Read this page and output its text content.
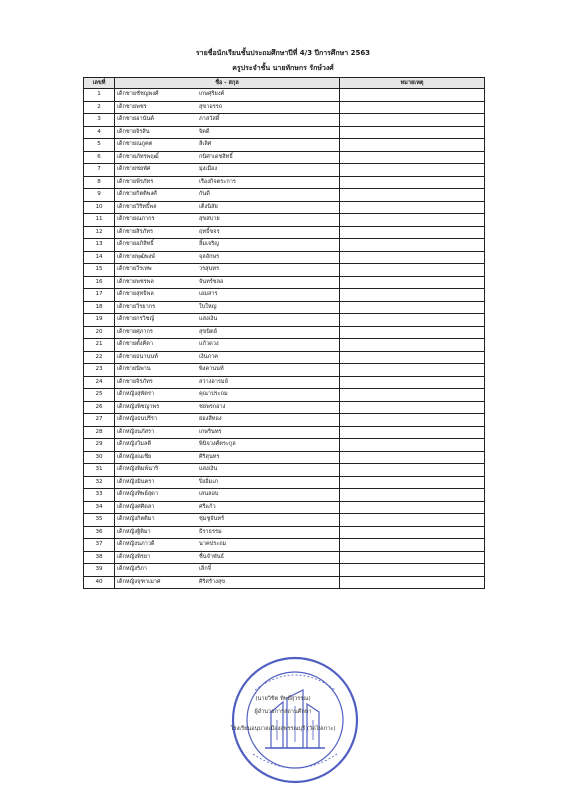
รายชื่อนักเรียนชั้นประถมศึกษาปีที่ 4/3 ปีการศึกษา 2563
ครูประจำชั้น นายทักษกร รักษ์วงศ์
เลขที่	ชื่อ - สกุล	หมายเหตุ
1	เด็กชายชัชญพงศ์ เกษศุริยงค์	
2	เด็กชายพชร สุขาอรรถ	
3	เด็กชายอานันต์ ภาสวัสดิ์	
4	เด็กชายจิรสิน จิตดี	
5	เด็กชายณภูคต ลีเลิศ	
6	เด็กชายภัทรพฤฒิ์ กนิศาเดชสิทธิ์	
7	เด็กชายชยพัศ มุ่งเมือง	
8	เด็กชายพีรภัทร เรืองกิจตระการ	
9	เด็กชายกิตติพงศ์ กันดี	
10	เด็กชายวิริทธิ์พล เต็งนิสัย	
11	เด็กชายณภากร สุขสบาย	
12	เด็กชายสิรภัทร ฤทธิ์ขจร	
13	เด็กชายอภิสิทธิ์ ลิ้มเจริญ	
14	เด็กชายพุฒิพงษ์ จุลอักษร	
15	เด็กชายวีรเทพ วรสุนทร	
16	เด็กชายพชรพล จันทร์ชลอ	
17	เด็กชายสุทธิพล เอมสาร	
18	เด็กชายวีรยากร ใบใหญ่	
19	เด็กชายกรวิชญ์ แสงเงิน	
20	เด็กชายศุภากร สุขนิตย์	
21	เด็กชายตั้งคีตา แก้วดวง	
22	เด็กชายธนานนท์ เงินภาค	
23	เด็กชายนิพาน พิงคานนท์	
24	เด็กชายจิรภัทร สว่างอารมย์	
25	เด็กหญิงสุพัตรา คุณาประถม	
26	เด็กหญิงพิชญาพร ชยพรกอาง	
27	เด็กหญิงธนปรีรา ย่องสีทอง	
28	เด็กหญิงนภัสรา เกษรินทร	
29	เด็กหญิงวิมลตี พินิจวงศ์ตระกูล	
30	เด็กหญิงณเชีย ศิริสุนทร	
31	เด็กหญิงพิมพ์นาริ แสงเงิน	
32	เด็กหญิงมินตรา ปิ่งอิ่มเภ	
33	เด็กหญิงทิพย์สุดา เสนลอบ	
34	เด็กหญิงศศิดลา ศรีแก้ว	
35	เด็กหญิงกิตติมา ชุ่มชูจันทร์	
36	เด็กหญิงฐิติมา ธีราธรรม	
37	เด็กหญิงนภาวดี นาคประถม	
38	เด็กหญิงพิรยา ชื่นจำพันธ์	
39	เด็กหญิงริภา เล็กจี๋	
40	เด็กหญิงจุฑาเมาศ ศิริสร้างสุข	
(นายวิชิต ทิพย์สุวรรณ)
ผู้อำนวยการสถานศึกษา
โรงเรียนอนุบาลเมืองสุพรรณบุรี (วัดไผ่เกาะ)
